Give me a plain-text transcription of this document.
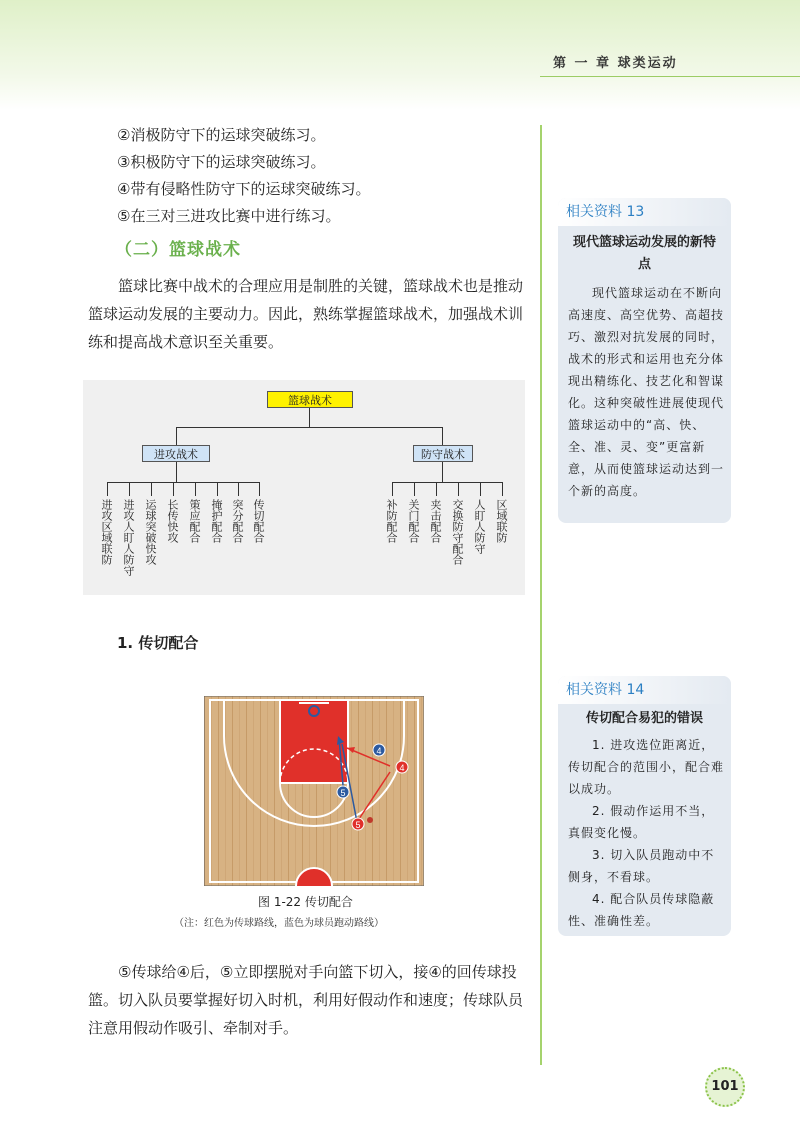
第 一 章 球类运动
②消极防守下的运球突破练习。
③积极防守下的运球突破练习。
④带有侵略性防守下的运球突破练习。
⑤在三对三进攻比赛中进行练习。
（二）篮球战术

篮球比赛中战术的合理应用是制胜的关键，篮球战术也是推动篮球运动发展的主要动力。因此，熟练掌握篮球战术，加强战术训练和提高战术意识至关重要。

篮球战术
进攻战术	防守战术
进攻区域联防 进攻人盯人防守 运球突破快攻 长传快攻 策应配合 掩护配合 突分配合 传切配合	补防配合 关门配合 夹击配合 交换防守配合 人盯人防守 区域联防
1. 传切配合
4
4
5
5
图 1-22 传切配合
（注：红色为传球路线，蓝色为球员跑动路线）

⑤传球给④后，⑤立即摆脱对手向篮下切入，接④的回传球投篮。切入队员要掌握好切入时机，利用好假动作和速度；传球队员注意用假动作吸引、牵制对手。

相关资料 13
现代篮球运动发展的新特点

现代篮球运动在不断向高速度、高空优势、高超技巧、激烈对抗发展的同时，战术的形式和运用也充分体现出精练化、技艺化和智谋化。这种突破性进展使现代篮球运动中的“高、快、全、准、灵、变”更富新意，从而使篮球运动达到一个新的高度。

相关资料 14
传切配合易犯的错误

1. 进攻选位距离近，传切配合的范围小，配合难以成功。

2. 假动作运用不当，真假变化慢。

3. 切入队员跑动中不侧身，不看球。

4. 配合队员传球隐蔽性、准确性差。

101
